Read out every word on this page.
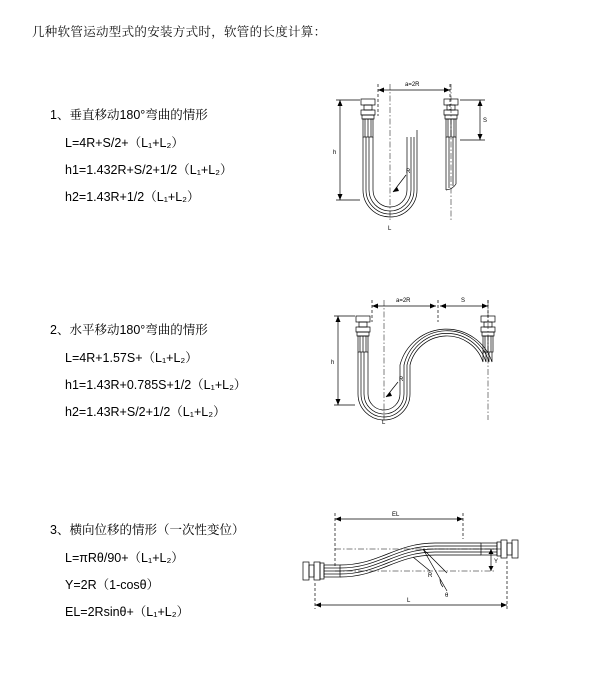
几种软管运动型式的安装方式时，软管的长度计算：
1、垂直移动180°弯曲的情形
L=4R+S/2+（L₁+L₂）
h1=1.432R+S/2+1/2（L₁+L₂）
h2=1.43R+1/2（L₁+L₂）
a=2R
h
S
R
L
2、水平移动180°弯曲的情形
L=4R+1.57S+（L₁+L₂）
h1=1.43R+0.785S+1/2（L₁+L₂）
h2=1.43R+S/2+1/2（L₁+L₂）
a=2R	S
h
R
L
3、横向位移的情形（一次性变位）
L=πRθ/90+（L₁+L₂）
Y=2R（1-cosθ）
EL=2Rsinθ+（L₁+L₂）
EL
Y
L
θ
R
